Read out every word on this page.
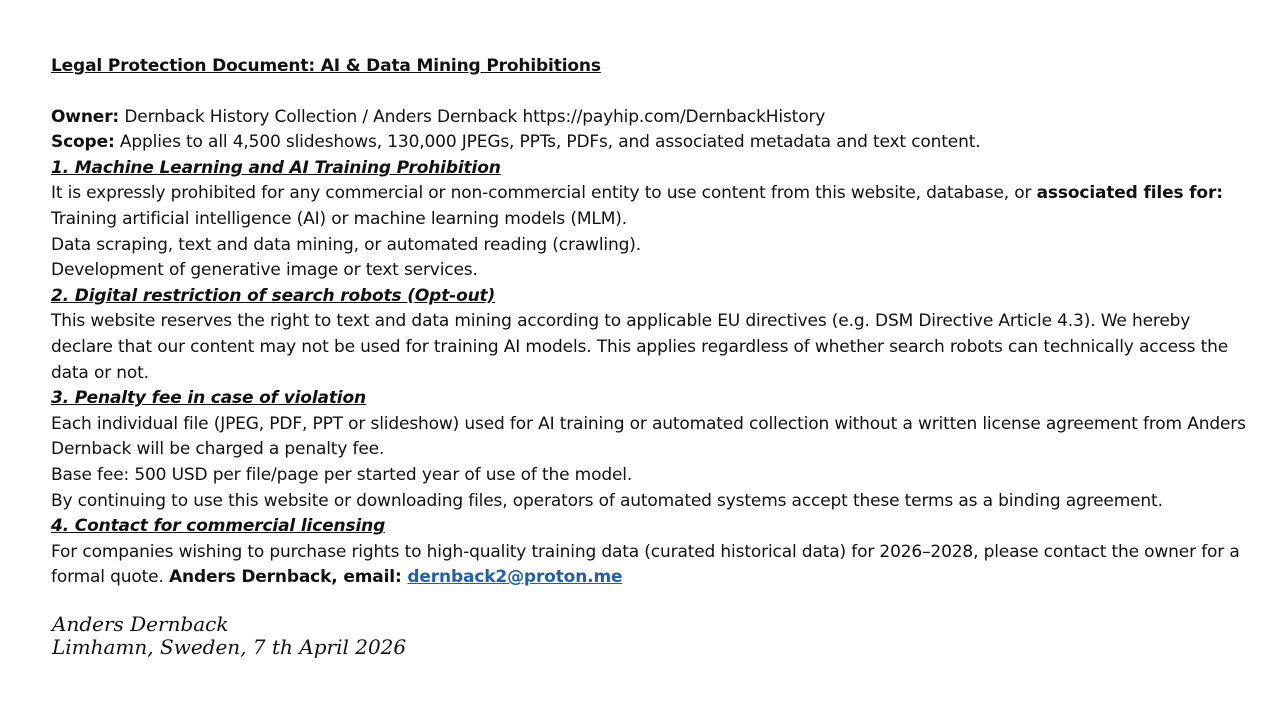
Legal Protection Document: AI & Data Mining Prohibitions

Owner: Dernback History Collection / Anders Dernback https://payhip.com/DernbackHistory

Scope: Applies to all 4,500 slideshows, 130,000 JPEGs, PPTs, PDFs, and associated metadata and text content.

1. Machine Learning and AI Training Prohibition

It is expressly prohibited for any commercial or non-commercial entity to use content from this website, database, or associated files for:

Training artificial intelligence (AI) or machine learning models (MLM).

Data scraping, text and data mining, or automated reading (crawling).

Development of generative image or text services.

2. Digital restriction of search robots (Opt-out)

This website reserves the right to text and data mining according to applicable EU directives (e.g. DSM Directive Article 4.3). We hereby declare that our content may not be used for training AI models. This applies regardless of whether search robots can technically access the data or not.

3. Penalty fee in case of violation

Each individual file (JPEG, PDF, PPT or slideshow) used for AI training or automated collection without a written license agreement from Anders Dernback will be charged a penalty fee.

Base fee: 500 USD per file/page per started year of use of the model.

By continuing to use this website or downloading files, operators of automated systems accept these terms as a binding agreement.

4. Contact for commercial licensing

For companies wishing to purchase rights to high-quality training data (curated historical data) for 2026–2028, please contact the owner for a formal quote. Anders Dernback, email: dernback2@proton.me

Anders Dernback
Limhamn, Sweden, 7 th April 2026
